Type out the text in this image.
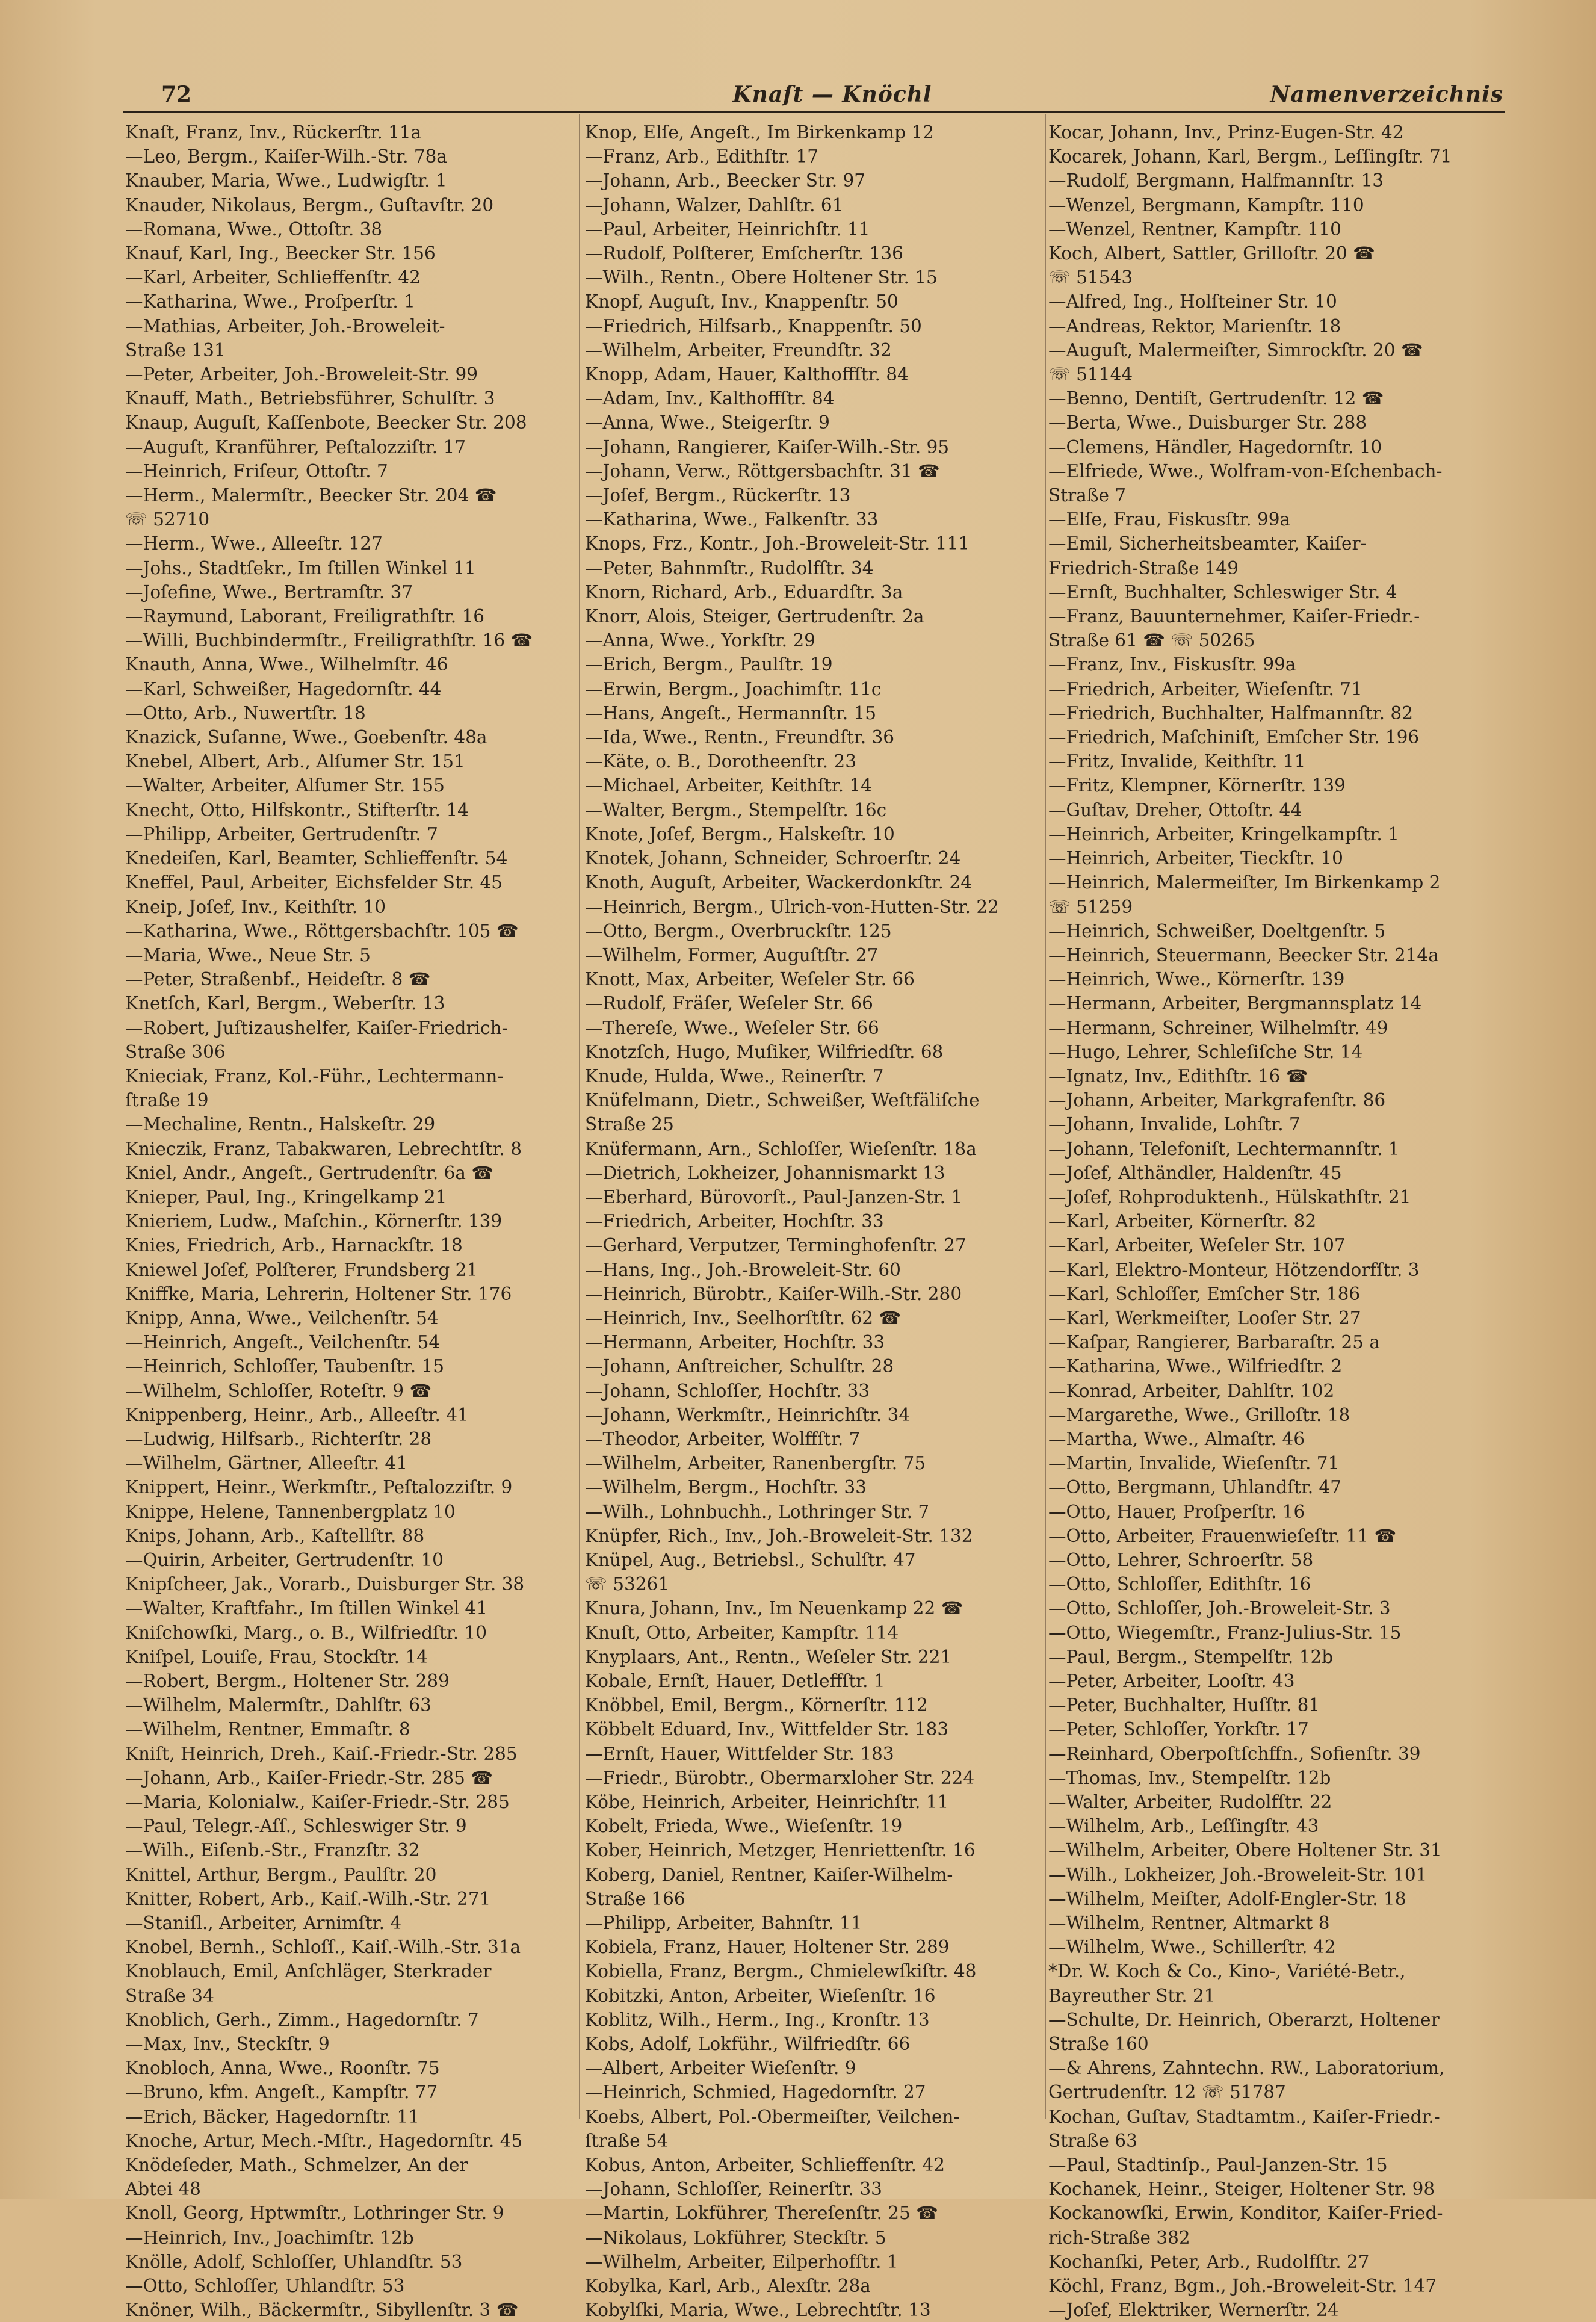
72	Knaſt — Knöchl	Namenverzeichnis
Knaſt, Franz, Inv., Rückerſtr. 11a
—Leo, Bergm., Kaiſer-Wilh.-Str. 78a
Knauber, Maria, Wwe., Ludwigſtr. 1
Knauder, Nikolaus, Bergm., Guſtavſtr. 20
—Romana, Wwe., Ottoſtr. 38
Knauf, Karl, Ing., Beecker Str. 156
—Karl, Arbeiter, Schlieffenſtr. 42
—Katharina, Wwe., Proſperſtr. 1
—Mathias, Arbeiter, Joh.-Broweleit-
Straße 131
—Peter, Arbeiter, Joh.-Broweleit-Str. 99
Knauff, Math., Betriebsführer, Schulſtr. 3
Knaup, Auguſt, Kaſſenbote, Beecker Str. 208
—Auguſt, Kranführer, Peſtalozziſtr. 17
—Heinrich, Friſeur, Ottoſtr. 7
—Herm., Malermſtr., Beecker Str. 204 ☎
☏ 52710
—Herm., Wwe., Alleeſtr. 127
—Johs., Stadtſekr., Im ſtillen Winkel 11
—Joſefine, Wwe., Bertramſtr. 37
—Raymund, Laborant, Freiligrathſtr. 16
—Willi, Buchbindermſtr., Freiligrathſtr. 16 ☎
Knauth, Anna, Wwe., Wilhelmſtr. 46
—Karl, Schweißer, Hagedornſtr. 44
—Otto, Arb., Nuwertſtr. 18
Knazick, Suſanne, Wwe., Goebenſtr. 48a
Knebel, Albert, Arb., Alſumer Str. 151
—Walter, Arbeiter, Alſumer Str. 155
Knecht, Otto, Hilfskontr., Stifterſtr. 14
—Philipp, Arbeiter, Gertrudenſtr. 7
Knedeiſen, Karl, Beamter, Schlieffenſtr. 54
Kneffel, Paul, Arbeiter, Eichsfelder Str. 45
Kneip, Joſef, Inv., Keithſtr. 10
—Katharina, Wwe., Röttgersbachſtr. 105 ☎
—Maria, Wwe., Neue Str. 5
—Peter, Straßenbf., Heideſtr. 8 ☎
Knetſch, Karl, Bergm., Weberſtr. 13
—Robert, Juſtizaushelfer, Kaiſer-Friedrich-
Straße 306
Kniecіak, Franz, Kol.-Führ., Lechtermann-
ſtraße 19
—Mechaline, Rentn., Halskeſtr. 29
Knieczik, Franz, Tabakwaren, Lebrechtſtr. 8
Kniel, Andr., Angeſt., Gertrudenſtr. 6a ☎
Knieper, Paul, Ing., Kringelkamp 21
Knieriem, Ludw., Maſchin., Körnerſtr. 139
Knies, Friedrich, Arb., Harnackſtr. 18
Kniewel Joſef, Polſterer, Frundsberg 21
Kniffke, Maria, Lehrerin, Holtener Str. 176
Knipp, Anna, Wwe., Veilchenſtr. 54
—Heinrich, Angeſt., Veilchenſtr. 54
—Heinrich, Schloſſer, Taubenſtr. 15
—Wilhelm, Schloſſer, Roteſtr. 9 ☎
Knippenberg, Heinr., Arb., Alleeſtr. 41
—Ludwig, Hilfsarb., Richterſtr. 28
—Wilhelm, Gärtner, Alleeſtr. 41
Knippert, Heinr., Werkmſtr., Peſtalozziſtr. 9
Knippe, Helene, Tannenbergplatz 10
Knips, Johann, Arb., Kaſtellſtr. 88
—Quirin, Arbeiter, Gertrudenſtr. 10
Knipſcheer, Jak., Vorarb., Duisburger Str. 38
—Walter, Kraftfahr., Im ſtillen Winkel 41
Kniſchowſki, Marg., o. B., Wilfriedſtr. 10
Kniſpel, Louiſe, Frau, Stockſtr. 14
—Robert, Bergm., Holtener Str. 289
—Wilhelm, Malermſtr., Dahlſtr. 63
—Wilhelm, Rentner, Emmaſtr. 8
Kniſt, Heinrich, Dreh., Kaiſ.-Friedr.-Str. 285
—Johann, Arb., Kaiſer-Friedr.-Str. 285 ☎
—Maria, Kolonialw., Kaiſer-Friedr.-Str. 285
—Paul, Telegr.-Aſſ., Schleswiger Str. 9
—Wilh., Eiſenb.-Str., Franzſtr. 32
Knittel, Arthur, Bergm., Paulſtr. 20
Knitter, Robert, Arb., Kaiſ.-Wilh.-Str. 271
—Staniſl., Arbeiter, Arnimſtr. 4
Knobel, Bernh., Schloſſ., Kaiſ.-Wilh.-Str. 31a
Knoblauch, Emil, Anſchläger, Sterkrader
Straße 34
Knoblich, Gerh., Zimm., Hagedornſtr. 7
—Max, Inv., Steckſtr. 9
Knobloch, Anna, Wwe., Roonſtr. 75
—Bruno, kfm. Angeſt., Kampſtr. 77
—Erich, Bäcker, Hagedornſtr. 11
Knoche, Artur, Mech.-Mſtr., Hagedornſtr. 45
Knödeſeder, Math., Schmelzer, An der
Abtei 48
Knoll, Georg, Hptwmſtr., Lothringer Str. 9
—Heinrich, Inv., Joachimſtr. 12b
Knölle, Adolf, Schloſſer, Uhlandſtr. 53
—Otto, Schloſſer, Uhlandſtr. 53
Knöner, Wilh., Bäckermſtr., Sibyllenſtr. 3 ☎
Knop, Elſe, Angeſt., Im Birkenkamp 12
—Franz, Arb., Edithſtr. 17
—Johann, Arb., Beecker Str. 97
—Johann, Walzer, Dahlſtr. 61
—Paul, Arbeiter, Heinrichſtr. 11
—Rudolf, Polſterer, Emſcherſtr. 136
—Wilh., Rentn., Obere Holtener Str. 15
Knopf, Auguſt, Inv., Knappenſtr. 50
—Friedrich, Hilfsarb., Knappenſtr. 50
—Wilhelm, Arbeiter, Freundſtr. 32
Knopp, Adam, Hauer, Kalthoffſtr. 84
—Adam, Inv., Kalthoffſtr. 84
—Anna, Wwe., Steigerſtr. 9
—Johann, Rangierer, Kaiſer-Wilh.-Str. 95
—Johann, Verw., Röttgersbachſtr. 31 ☎
—Joſef, Bergm., Rückerſtr. 13
—Katharina, Wwe., Falkenſtr. 33
Knops, Frz., Kontr., Joh.-Broweleit-Str. 111
—Peter, Bahnmſtr., Rudolfſtr. 34
Knorn, Richard, Arb., Eduardſtr. 3a
Knorr, Alois, Steiger, Gertrudenſtr. 2a
—Anna, Wwe., Yorkſtr. 29
—Erich, Bergm., Paulſtr. 19
—Erwin, Bergm., Joachimſtr. 11c
—Hans, Angeſt., Hermannſtr. 15
—Ida, Wwe., Rentn., Freundſtr. 36
—Käte, o. B., Dorotheenſtr. 23
—Michael, Arbeiter, Keithſtr. 14
—Walter, Bergm., Stempelſtr. 16c
Knote, Joſef, Bergm., Halskeſtr. 10
Knotek, Johann, Schneider, Schroerſtr. 24
Knoth, Auguſt, Arbeiter, Wackerdonkſtr. 24
—Heinrich, Bergm., Ulrich-von-Hutten-Str. 22
—Otto, Bergm., Overbruckſtr. 125
—Wilhelm, Former, Auguſtſtr. 27
Knott, Max, Arbeiter, Weſeler Str. 66
—Rudolf, Fräſer, Weſeler Str. 66
—Thereſe, Wwe., Weſeler Str. 66
Knotzſch, Hugo, Muſiker, Wilfriedſtr. 68
Knude, Hulda, Wwe., Reinerſtr. 7
Knüfelmann, Dietr., Schweißer, Weſtfäliſche
Straße 25
Knüfermann, Arn., Schloſſer, Wieſenſtr. 18a
—Dietrich, Lokheizer, Johannismarkt 13
—Eberhard, Bürovorſt., Paul-Janzen-Str. 1
—Friedrich, Arbeiter, Hochſtr. 33
—Gerhard, Verputzer, Terminghofenſtr. 27
—Hans, Ing., Joh.-Broweleit-Str. 60
—Heinrich, Bürobtr., Kaiſer-Wilh.-Str. 280
—Heinrich, Inv., Seelhorſtſtr. 62 ☎
—Hermann, Arbeiter, Hochſtr. 33
—Johann, Anſtreicher, Schulſtr. 28
—Johann, Schloſſer, Hochſtr. 33
—Johann, Werkmſtr., Heinrichſtr. 34
—Theodor, Arbeiter, Wolffſtr. 7
—Wilhelm, Arbeiter, Ranenbergſtr. 75
—Wilhelm, Bergm., Hochſtr. 33
—Wilh., Lohnbuchh., Lothringer Str. 7
Knüpfer, Rich., Inv., Joh.-Broweleit-Str. 132
Knüpel, Aug., Betriebsl., Schulſtr. 47
☏ 53261
Knura, Johann, Inv., Im Neuenkamp 22 ☎
Knuſt, Otto, Arbeiter, Kampſtr. 114
Knyplaars, Ant., Rentn., Weſeler Str. 221
Kobale, Ernſt, Hauer, Detleffſtr. 1
Knöbbel, Emil, Bergm., Körnerſtr. 112
Köbbelt Eduard, Inv., Wittfelder Str. 183
—Ernſt, Hauer, Wittfelder Str. 183
—Friedr., Bürobtr., Obermarxloher Str. 224
Köbe, Heinrich, Arbeiter, Heinrichſtr. 11
Kobelt, Frieda, Wwe., Wieſenſtr. 19
Kober, Heinrich, Metzger, Henriettenſtr. 16
Koberg, Daniel, Rentner, Kaiſer-Wilhelm-
Straße 166
—Philipp, Arbeiter, Bahnſtr. 11
Kobiela, Franz, Hauer, Holtener Str. 289
Kobiella, Franz, Bergm., Chmielewſkiſtr. 48
Kobitzki, Anton, Arbeiter, Wieſenſtr. 16
Koblitz, Wilh., Herm., Ing., Kronſtr. 13
Kobs, Adolf, Lokführ., Wilfriedſtr. 66
—Albert, Arbeiter Wieſenſtr. 9
—Heinrich, Schmied, Hagedornſtr. 27
Koebs, Albert, Pol.-Obermeiſter, Veilchen-
ſtraße 54
Kobus, Anton, Arbeiter, Schlieffenſtr. 42
—Johann, Schloſſer, Reinerſtr. 33
—Martin, Lokführer, Thereſenſtr. 25 ☎
—Nikolaus, Lokführer, Steckſtr. 5
—Wilhelm, Arbeiter, Eilperhofſtr. 1
Kobylka, Karl, Arb., Alexſtr. 28a
Kobylſki, Maria, Wwe., Lebrechtſtr. 13
Kocar, Johann, Inv., Prinz-Eugen-Str. 42
Kocarek, Johann, Karl, Bergm., Leſſingſtr. 71
—Rudolf, Bergmann, Halfmannſtr. 13
—Wenzel, Bergmann, Kampſtr. 110
—Wenzel, Rentner, Kampſtr. 110
Koch, Albert, Sattler, Grilloſtr. 20 ☎
☏ 51543
—Alfred, Ing., Holſteiner Str. 10
—Andreas, Rektor, Marienſtr. 18
—Auguſt, Malermeiſter, Simrockſtr. 20 ☎
☏ 51144
—Benno, Dentiſt, Gertrudenſtr. 12 ☎
—Berta, Wwe., Duisburger Str. 288
—Clemens, Händler, Hagedornſtr. 10
—Elfriede, Wwe., Wolfram-von-Eſchenbach-
Straße 7
—Elſe, Frau, Fiskusſtr. 99a
—Emil, Sicherheitsbeamter, Kaiſer-
Friedrich-Straße 149
—Ernſt, Buchhalter, Schleswiger Str. 4
—Franz, Bauunternehmer, Kaiſer-Friedr.-
Straße 61 ☎ ☏ 50265
—Franz, Inv., Fiskusſtr. 99a
—Friedrich, Arbeiter, Wieſenſtr. 71
—Friedrich, Buchhalter, Halfmannſtr. 82
—Friedrich, Maſchiniſt, Emſcher Str. 196
—Fritz, Invalide, Keithſtr. 11
—Fritz, Klempner, Körnerſtr. 139
—Guſtav, Dreher, Ottoſtr. 44
—Heinrich, Arbeiter, Kringelkampſtr. 1
—Heinrich, Arbeiter, Tieckſtr. 10
—Heinrich, Malermeiſter, Im Birkenkamp 2
☏ 51259
—Heinrich, Schweißer, Doeltgenſtr. 5
—Heinrich, Steuermann, Beecker Str. 214a
—Heinrich, Wwe., Körnerſtr. 139
—Hermann, Arbeiter, Bergmannsplatz 14
—Hermann, Schreiner, Wilhelmſtr. 49
—Hugo, Lehrer, Schleſiſche Str. 14
—Ignatz, Inv., Edithſtr. 16 ☎
—Johann, Arbeiter, Markgrafenſtr. 86
—Johann, Invalide, Lohſtr. 7
—Johann, Telefoniſt, Lechtermannſtr. 1
—Joſef, Althändler, Haldenſtr. 45
—Joſef, Rohproduktenh., Hülskathſtr. 21
—Karl, Arbeiter, Körnerſtr. 82
—Karl, Arbeiter, Weſeler Str. 107
—Karl, Elektro-Monteur, Hötzendorfſtr. 3
—Karl, Schloſſer, Emſcher Str. 186
—Karl, Werkmeiſter, Looſer Str. 27
—Kaſpar, Rangierer, Barbaraſtr. 25 a
—Katharina, Wwe., Wilfriedſtr. 2
—Konrad, Arbeiter, Dahlſtr. 102
—Margarethe, Wwe., Grilloſtr. 18
—Martha, Wwe., Almaſtr. 46
—Martin, Invalide, Wieſenſtr. 71
—Otto, Bergmann, Uhlandſtr. 47
—Otto, Hauer, Proſperſtr. 16
—Otto, Arbeiter, Frauenwieſeſtr. 11 ☎
—Otto, Lehrer, Schroerſtr. 58
—Otto, Schloſſer, Edithſtr. 16
—Otto, Schloſſer, Joh.-Broweleit-Str. 3
—Otto, Wiegemſtr., Franz-Julius-Str. 15
—Paul, Bergm., Stempelſtr. 12b
—Peter, Arbeiter, Looſtr. 43
—Peter, Buchhalter, Huſſtr. 81
—Peter, Schloſſer, Yorkſtr. 17
—Reinhard, Oberpoſtſchffn., Sofienſtr. 39
—Thomas, Inv., Stempelſtr. 12b
—Walter, Arbeiter, Rudolfſtr. 22
—Wilhelm, Arb., Leſſingſtr. 43
—Wilhelm, Arbeiter, Obere Holtener Str. 31
—Wilh., Lokheizer, Joh.-Broweleit-Str. 101
—Wilhelm, Meiſter, Adolf-Engler-Str. 18
—Wilhelm, Rentner, Altmarkt 8
—Wilhelm, Wwe., Schillerſtr. 42
*Dr. W. Koch & Co., Kino-, Variété-Betr.,
Bayreuther Str. 21
—Schulte, Dr. Heinrich, Oberarzt, Holtener
Straße 160
—& Ahrens, Zahntechn. RW., Laboratorium,
Gertrudenſtr. 12 ☏ 51787
Kochan, Guſtav, Stadtamtm., Kaiſer-Friedr.-
Straße 63
—Paul, Stadtinſp., Paul-Janzen-Str. 15
Kochanek, Heinr., Steiger, Holtener Str. 98
Kockanowſki, Erwin, Konditor, Kaiſer-Fried-
rich-Straße 382
Kochanſki, Peter, Arb., Rudolfſtr. 27
Köchl, Franz, Bgm., Joh.-Broweleit-Str. 147
—Joſef, Elektriker, Wernerſtr. 24
